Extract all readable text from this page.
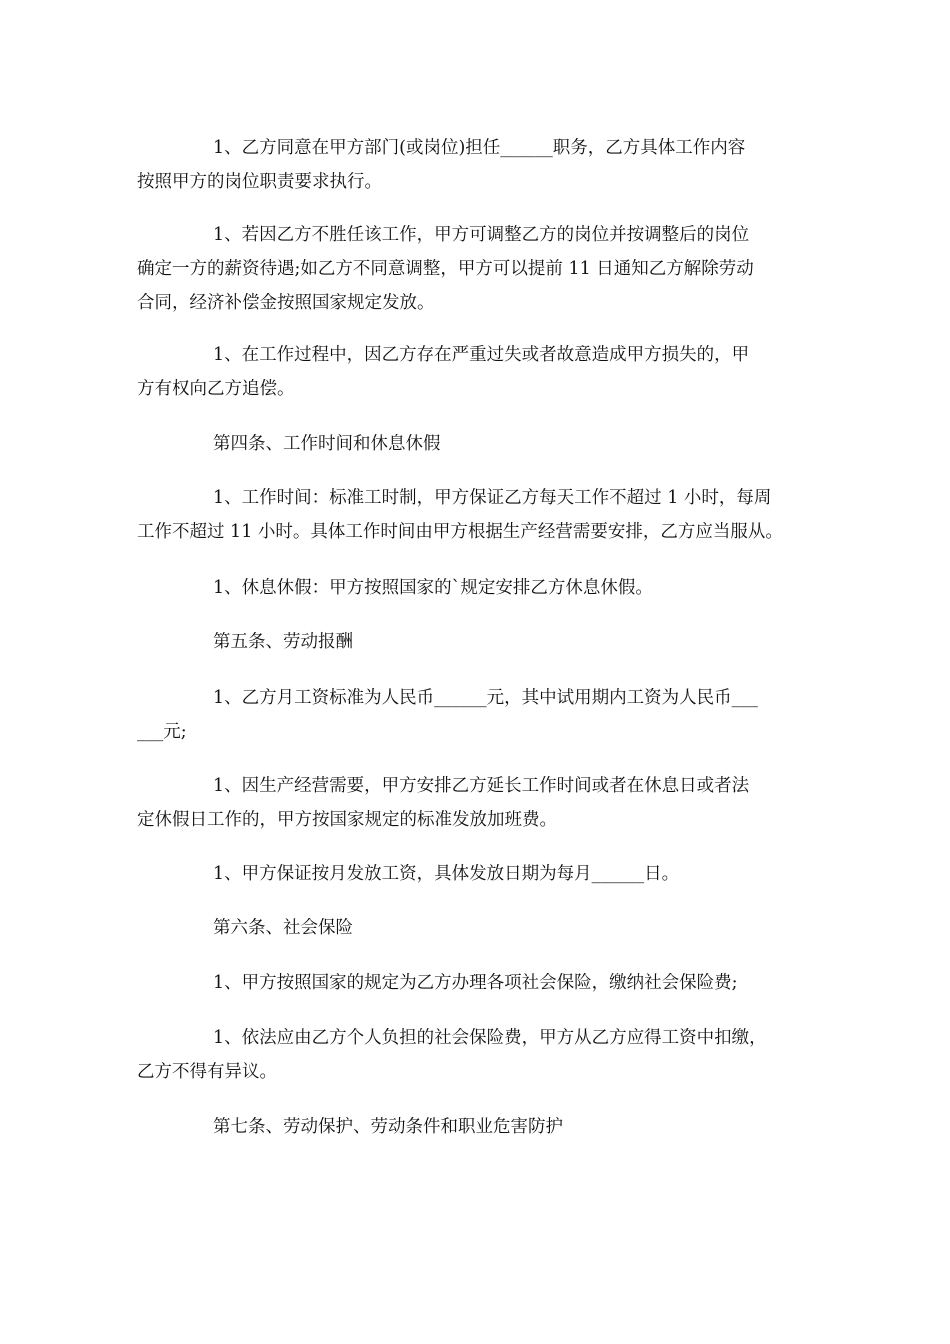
1、乙方同意在甲方部门(或岗位)担任______职务，乙方具体工作内容
按照甲方的岗位职责要求执行。
1、若因乙方不胜任该工作，甲方可调整乙方的岗位并按调整后的岗位
确定一方的薪资待遇;如乙方不同意调整，甲方可以提前 11 日通知乙方解除劳动
合同，经济补偿金按照国家规定发放。
1、在工作过程中，因乙方存在严重过失或者故意造成甲方损失的，甲
方有权向乙方追偿。
第四条、工作时间和休息休假
1、工作时间：标准工时制，甲方保证乙方每天工作不超过 1 小时，每周
工作不超过 11 小时。具体工作时间由甲方根据生产经营需要安排，乙方应当服从。
1、休息休假：甲方按照国家的`规定安排乙方休息休假。
第五条、劳动报酬
1、乙方月工资标准为人民币______元，其中试用期内工资为人民币___
___元;
1、因生产经营需要，甲方安排乙方延长工作时间或者在休息日或者法
定休假日工作的，甲方按国家规定的标准发放加班费。
1、甲方保证按月发放工资，具体发放日期为每月______日。
第六条、社会保险
1、甲方按照国家的规定为乙方办理各项社会保险，缴纳社会保险费;
1、依法应由乙方个人负担的社会保险费，甲方从乙方应得工资中扣缴，
乙方不得有异议。
第七条、劳动保护、劳动条件和职业危害防护
